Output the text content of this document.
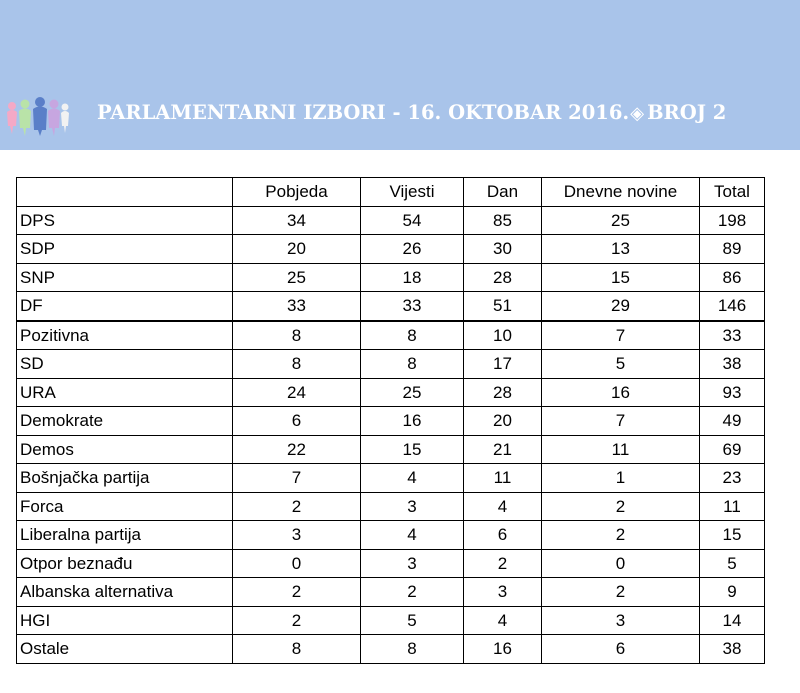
PARLAMENTARNI IZBORI - 16. OKTOBAR 2016.◈ BROJ 2
	Pobjeda	Vijesti	Dan	Dnevne novine	Total
DPS	34	54	85	25	198
SDP	20	26	30	13	89
SNP	25	18	28	15	86
DF	33	33	51	29	146
Pozitivna	8	8	10	7	33
SD	8	8	17	5	38
URA	24	25	28	16	93
Demokrate	6	16	20	7	49
Demos	22	15	21	11	69
Bošnjačka partija	7	4	11	1	23
Forca	2	3	4	2	11
Liberalna partija	3	4	6	2	15
Otpor beznađu	0	3	2	0	5
Albanska alternativa	2	2	3	2	9
HGI	2	5	4	3	14
Ostale	8	8	16	6	38
